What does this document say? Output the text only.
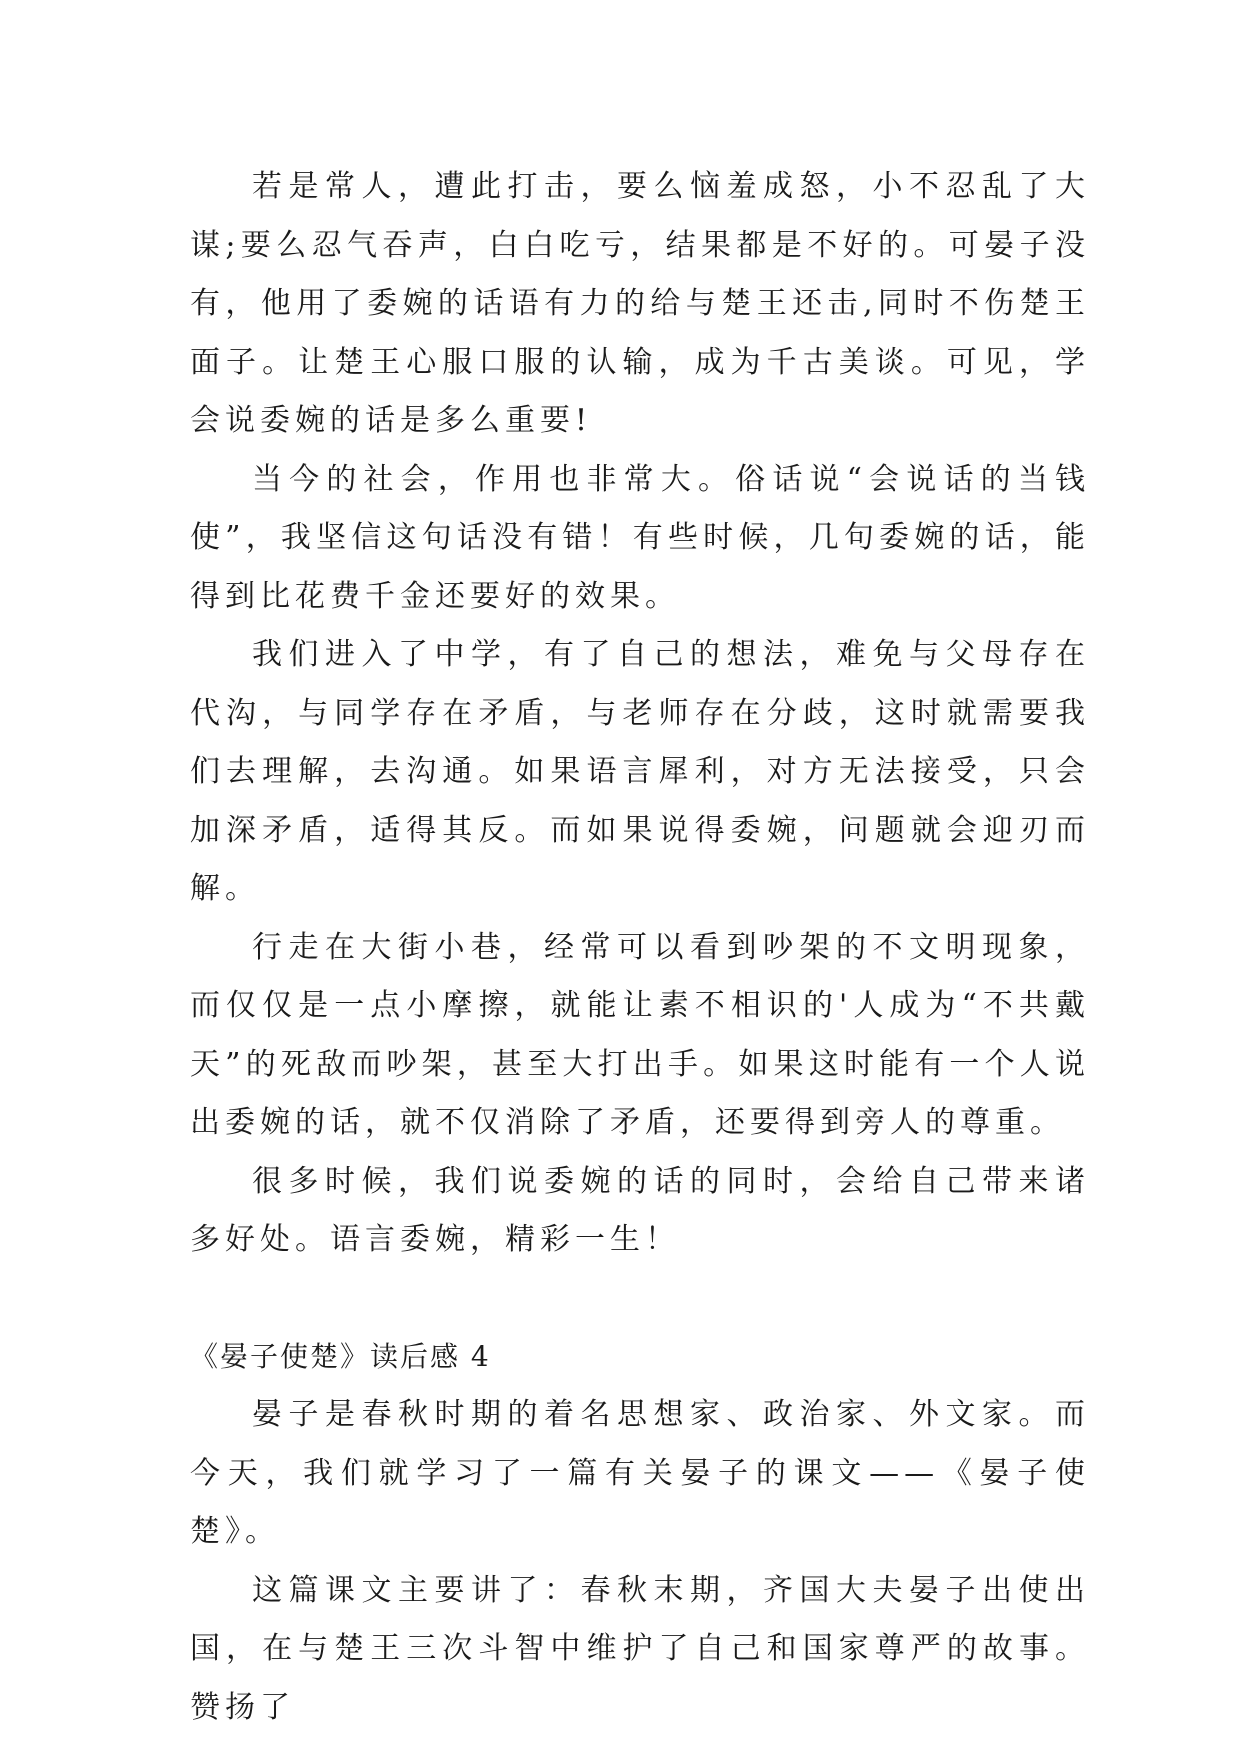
若是常人，遭此打击，要么恼羞成怒，小不忍乱了大谋;要么忍气吞声，白白吃亏，结果都是不好的。可晏子没有，他用了委婉的话语有力的给与楚王还击,同时不伤楚王面子。让楚王心服口服的认输，成为千古美谈。可见，学会说委婉的话是多么重要!

当今的社会，作用也非常大。俗话说“会说话的当钱使”，我坚信这句话没有错！有些时候，几句委婉的话，能得到比花费千金还要好的效果。

我们进入了中学，有了自己的想法，难免与父母存在代沟，与同学存在矛盾，与老师存在分歧，这时就需要我们去理解，去沟通。如果语言犀利，对方无法接受，只会加深矛盾，适得其反。而如果说得委婉，问题就会迎刃而解。

行走在大街小巷，经常可以看到吵架的不文明现象，而仅仅是一点小摩擦，就能让素不相识的'人成为“不共戴天”的死敌而吵架，甚至大打出手。如果这时能有一个人说出委婉的话，就不仅消除了矛盾，还要得到旁人的尊重。

很多时候，我们说委婉的话的同时，会给自己带来诸多好处。语言委婉，精彩一生！

《晏子使楚》读后感 4

晏子是春秋时期的着名思想家、政治家、外文家。而今天，我们就学习了一篇有关晏子的课文——《晏子使楚》。

这篇课文主要讲了：春秋末期，齐国大夫晏子出使出国，在与楚王三次斗智中维护了自己和国家尊严的故事。赞扬了
